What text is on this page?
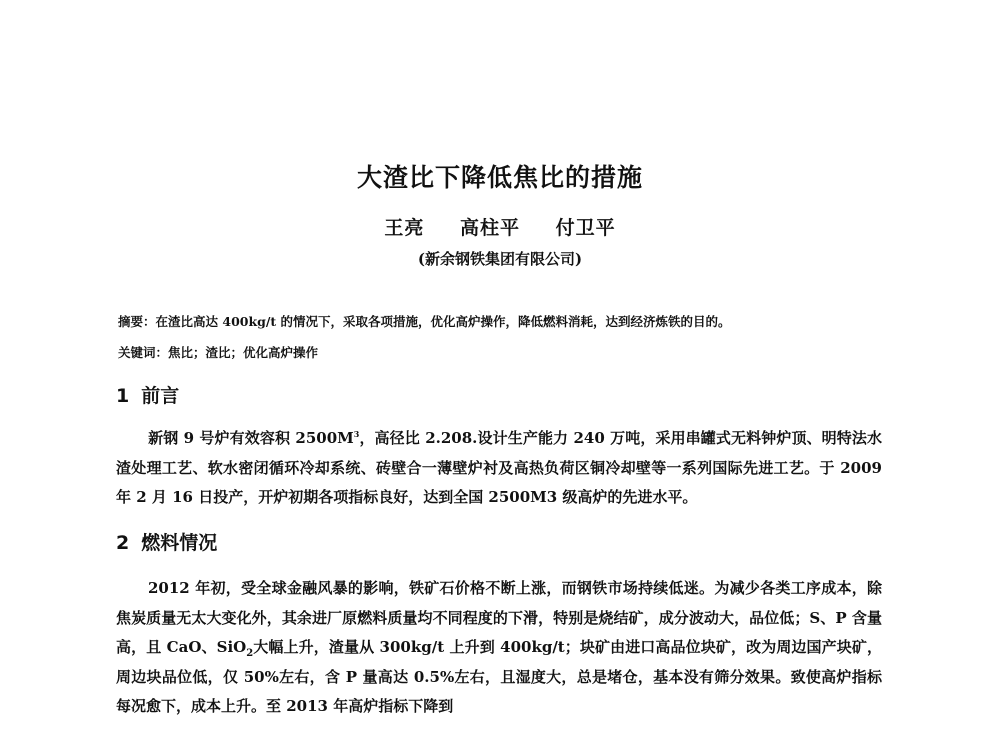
大渣比下降低焦比的措施
王亮 高柱平 付卫平
(新余钢铁集团有限公司)
摘要：在渣比高达 400kg/t 的情况下，采取各项措施，优化高炉操作，降低燃料消耗，达到经济炼铁的目的。
关键词：焦比；渣比；优化高炉操作
1 前言
新钢 9 号炉有效容积 $2500M^3$，高径比 2.208.设计生产能力 240 万吨，采用串罐式无料钟炉顶、明特法水渣处理工艺、软水密闭循环冷却系统、砖壁合一薄壁炉衬及高热负荷区铜冷却壁等一系列国际先进工艺。于 2009 年 2 月 16 日投产，开炉初期各项指标良好，达到全国 2500M3 级高炉的先进水平。
2 燃料情况
2012 年初，受全球金融风暴的影响，铁矿石价格不断上涨，而钢铁市场持续低迷。为减少各类工序成本，除焦炭质量无太大变化外，其余进厂原燃料质量均不同程度的下滑，特别是烧结矿，成分波动大，品位低；S、P 含量高，且 CaO、SiO$_2$大幅上升，渣量从 300kg/t 上升到 400kg/t；块矿由进口高品位块矿，改为周边国产块矿，周边块品位低，仅 50%左右，含 P 量高达 0.5%左右，且湿度大，总是堵仓，基本没有筛分效果。致使高炉指标每况愈下，成本上升。至 2013 年高炉指标下降到
